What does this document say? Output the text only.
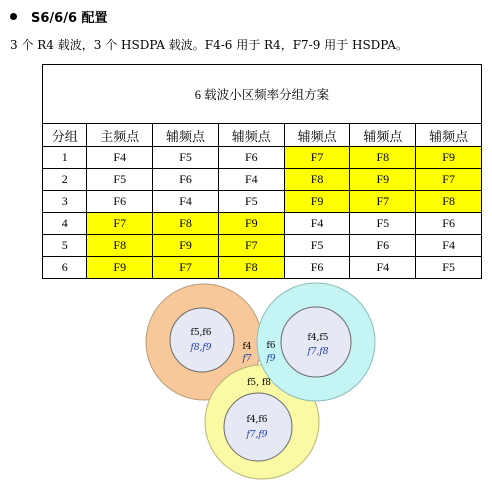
S6/6/6 配置
3 个 R4 载波，3 个 HSDPA 载波。F4-6 用于 R4，F7-9 用于 HSDPA。
6 载波小区频率分组方案						
分组	主频点	辅频点	辅频点	辅频点	辅频点	辅频点
1	F4	F5	F6	F7	F8	F9
2	F5	F6	F4	F8	F9	F7
3	F6	F4	F5	F9	F7	F8
4	F7	F8	F9	F4	F5	F6
5	F8	F9	F7	F5	F6	F4
6	F9	F7	F8	F6	F4	F5
f5,f6
f8,f9
f4,f5
f7,f8
f4,f6
f7,f9
f4
f7
f6
f9
f5, f8
